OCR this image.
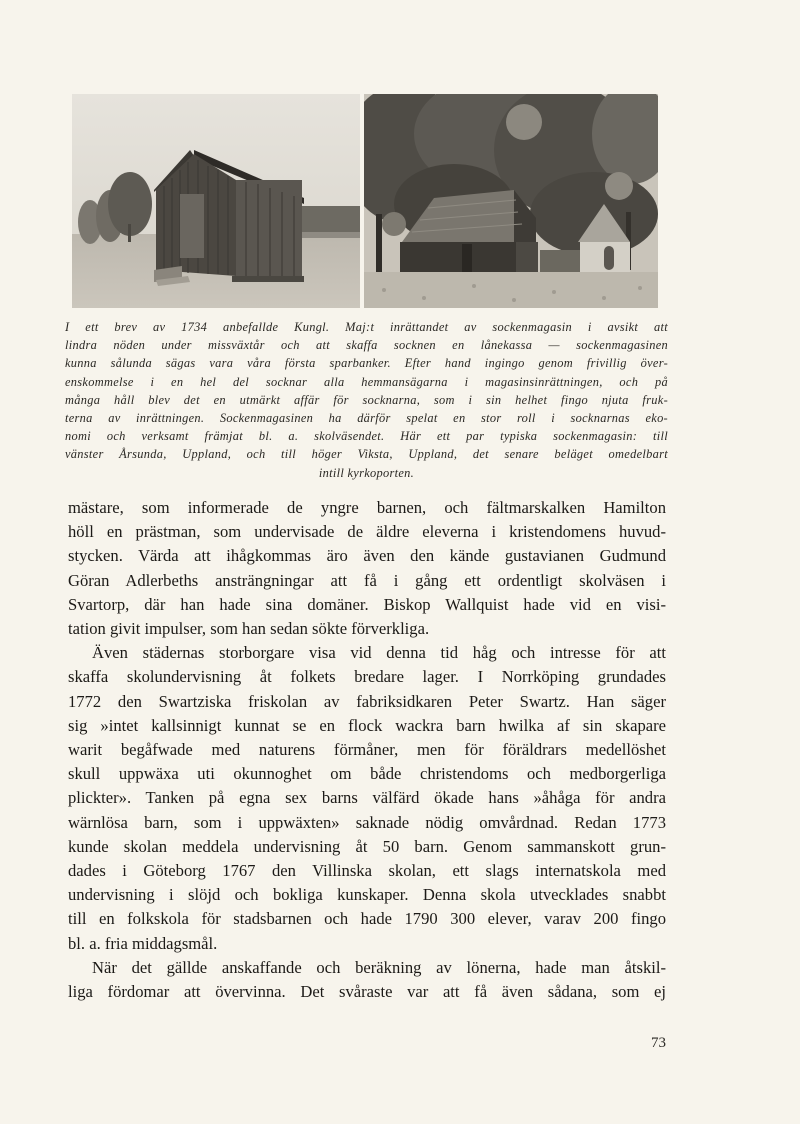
I ett brev av 1734 anbefallde Kungl. Maj:t inrättandet av sockenmagasin i avsikt att
lindra nöden under missväxtår och att skaffa socknen en lånekassa — sockenmagasinen
kunna sålunda sägas vara våra första sparbanker. Efter hand ingingo genom frivillig över-
enskommelse i en hel del socknar alla hemmansägarna i magasinsinrättningen, och på
många håll blev det en utmärkt affär för socknarna, som i sin helhet fingo njuta fruk-
terna av inrättningen. Sockenmagasinen ha därför spelat en stor roll i socknarnas eko-
nomi och verksamt främjat bl. a. skolväsendet. Här ett par typiska sockenmagasin: till
vänster Årsunda, Uppland, och till höger Viksta, Uppland, det senare beläget omedelbart
intill kyrkoporten.
mästare, som informerade de yngre barnen, och fältmarskalken Hamilton
höll en prästman, som undervisade de äldre eleverna i kristendomens huvud-
stycken. Värda att ihågkommas äro även den kände gustavianen Gudmund
Göran Adlerbeths ansträngningar att få i gång ett ordentligt skolväsen i
Svartorp, där han hade sina domäner. Biskop Wallquist hade vid en visi-
tation givit impulser, som han sedan sökte förverkliga.
Även städernas storborgare visa vid denna tid håg och intresse för att
skaffa skolundervisning åt folkets bredare lager. I Norrköping grundades
1772 den Swartziska friskolan av fabriksidkaren Peter Swartz. Han säger
sig »intet kallsinnigt kunnat se en flock wackra barn hwilka af sin skapare
warit begåfwade med naturens förmåner, men för föräldrars medellöshet
skull uppwäxa uti okunnoghet om både christendoms och medborgerliga
plickter». Tanken på egna sex barns välfärd ökade hans »åhåga för andra
wärnlösa barn, som i uppwäxten» saknade nödig omvårdnad. Redan 1773
kunde skolan meddela undervisning åt 50 barn. Genom sammanskott grun-
dades i Göteborg 1767 den Villinska skolan, ett slags internatskola med
undervisning i slöjd och bokliga kunskaper. Denna skola utvecklades snabbt
till en folkskola för stadsbarnen och hade 1790 300 elever, varav 200 fingo
bl. a. fria middagsmål.
När det gällde anskaffande och beräkning av lönerna, hade man åtskil-
liga fördomar att övervinna. Det svåraste var att få även sådana, som ej
73
